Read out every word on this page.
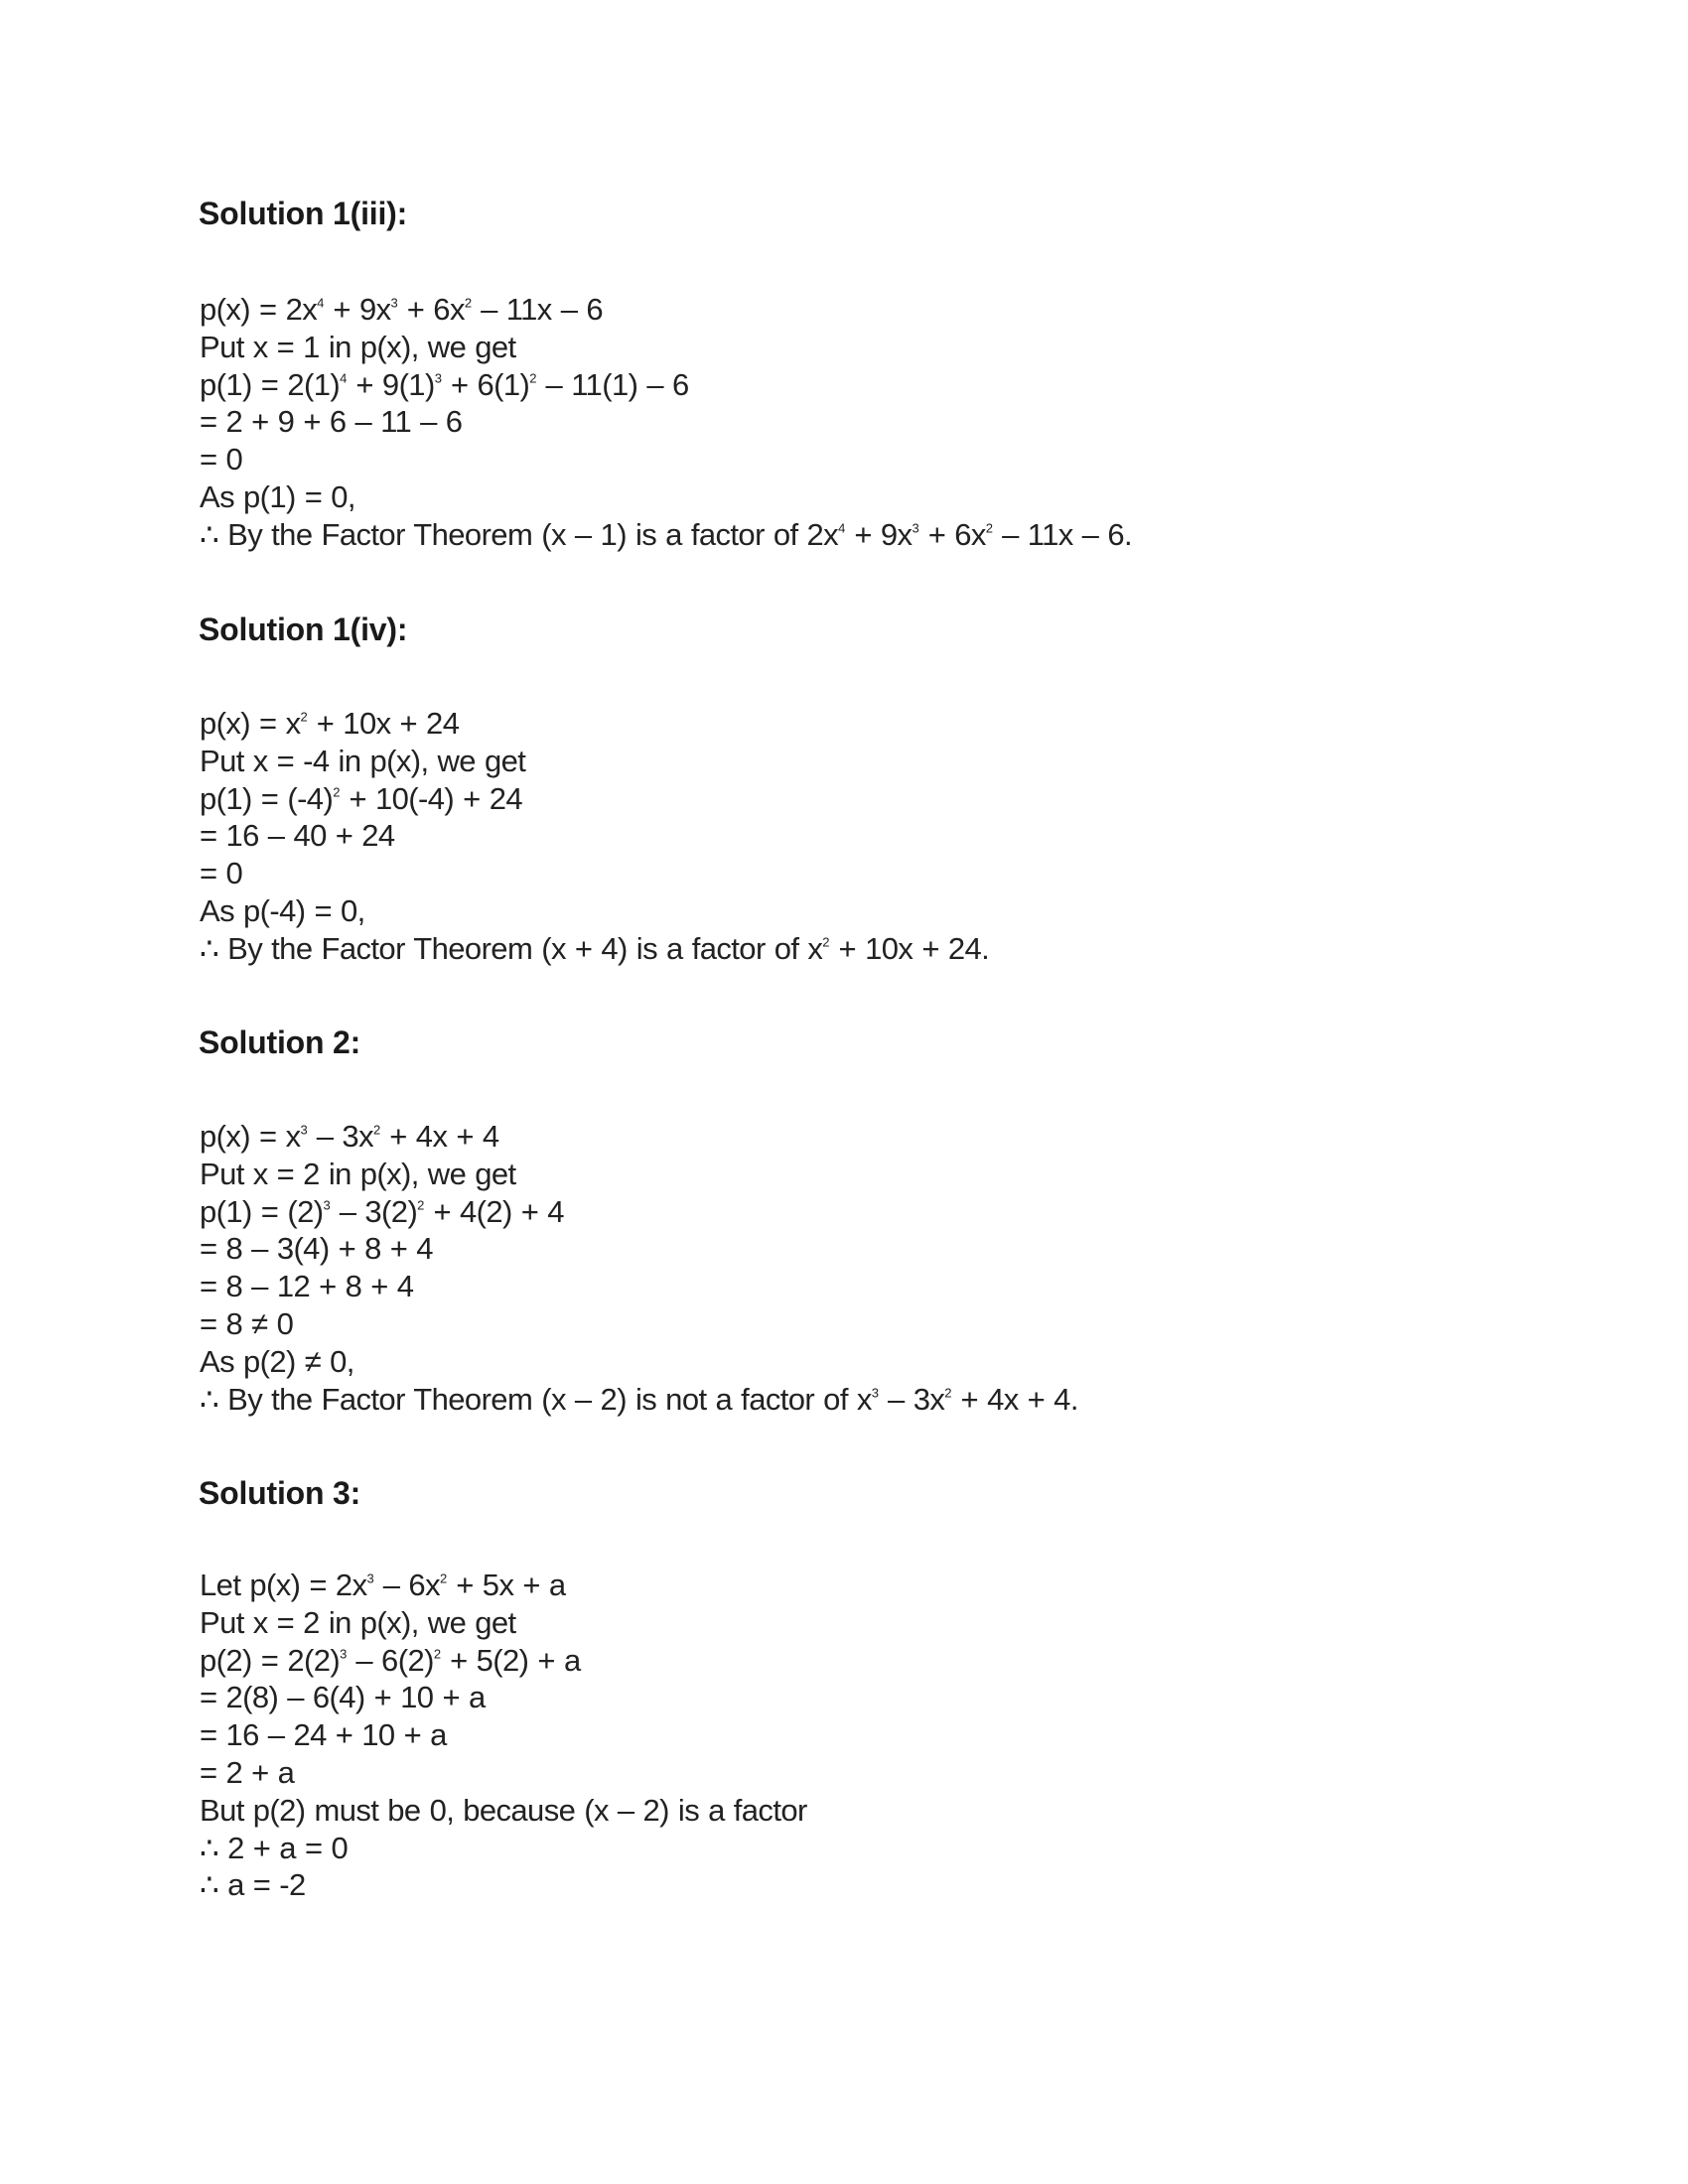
Solution 1(iii):
$p(x) = 2x^4 + 9x^3 + 6x^2 - 11x - 6$
Put x = 1 in p(x), we get
$p(1) = 2(1)^4 + 9(1)^3 + 6(1)^2 - 11(1) - 6$
= 2 + 9 + 6 – 11 – 6
= 0
As p(1) = 0,
∴ By the Factor Theorem (x – 1) is a factor of $2x^4 + 9x^3 + 6x^2 - 11x - 6$.
Solution 1(iv):
$p(x) = x^2 + 10x + 24$
Put x = -4 in p(x), we get
$p(1) = (-4)^2 + 10(-4) + 24$
= 16 – 40 + 24
= 0
As p(-4) = 0,
∴ By the Factor Theorem (x + 4) is a factor of $x^2 + 10x + 24$.
Solution 2:
$p(x) = x^3 - 3x^2 + 4x + 4$
Put x = 2 in p(x), we get
$p(1) = (2)^3 - 3(2)^2 + 4(2) + 4$
= 8 – 3(4) + 8 + 4
= 8 – 12 + 8 + 4
= 8 ≠ 0
As p(2) ≠ 0,
∴ By the Factor Theorem (x – 2) is not a factor of $x^3 - 3x^2 + 4x + 4$.
Solution 3:
Let $p(x) = 2x^3 - 6x^2 + 5x + a$
Put x = 2 in p(x), we get
$p(2) = 2(2)^3 - 6(2)^2 + 5(2) + a$
= 2(8) – 6(4) + 10 + a
= 16 – 24 + 10 + a
= 2 + a
But p(2) must be 0, because (x – 2) is a factor
∴ 2 + a = 0
∴ a = -2
